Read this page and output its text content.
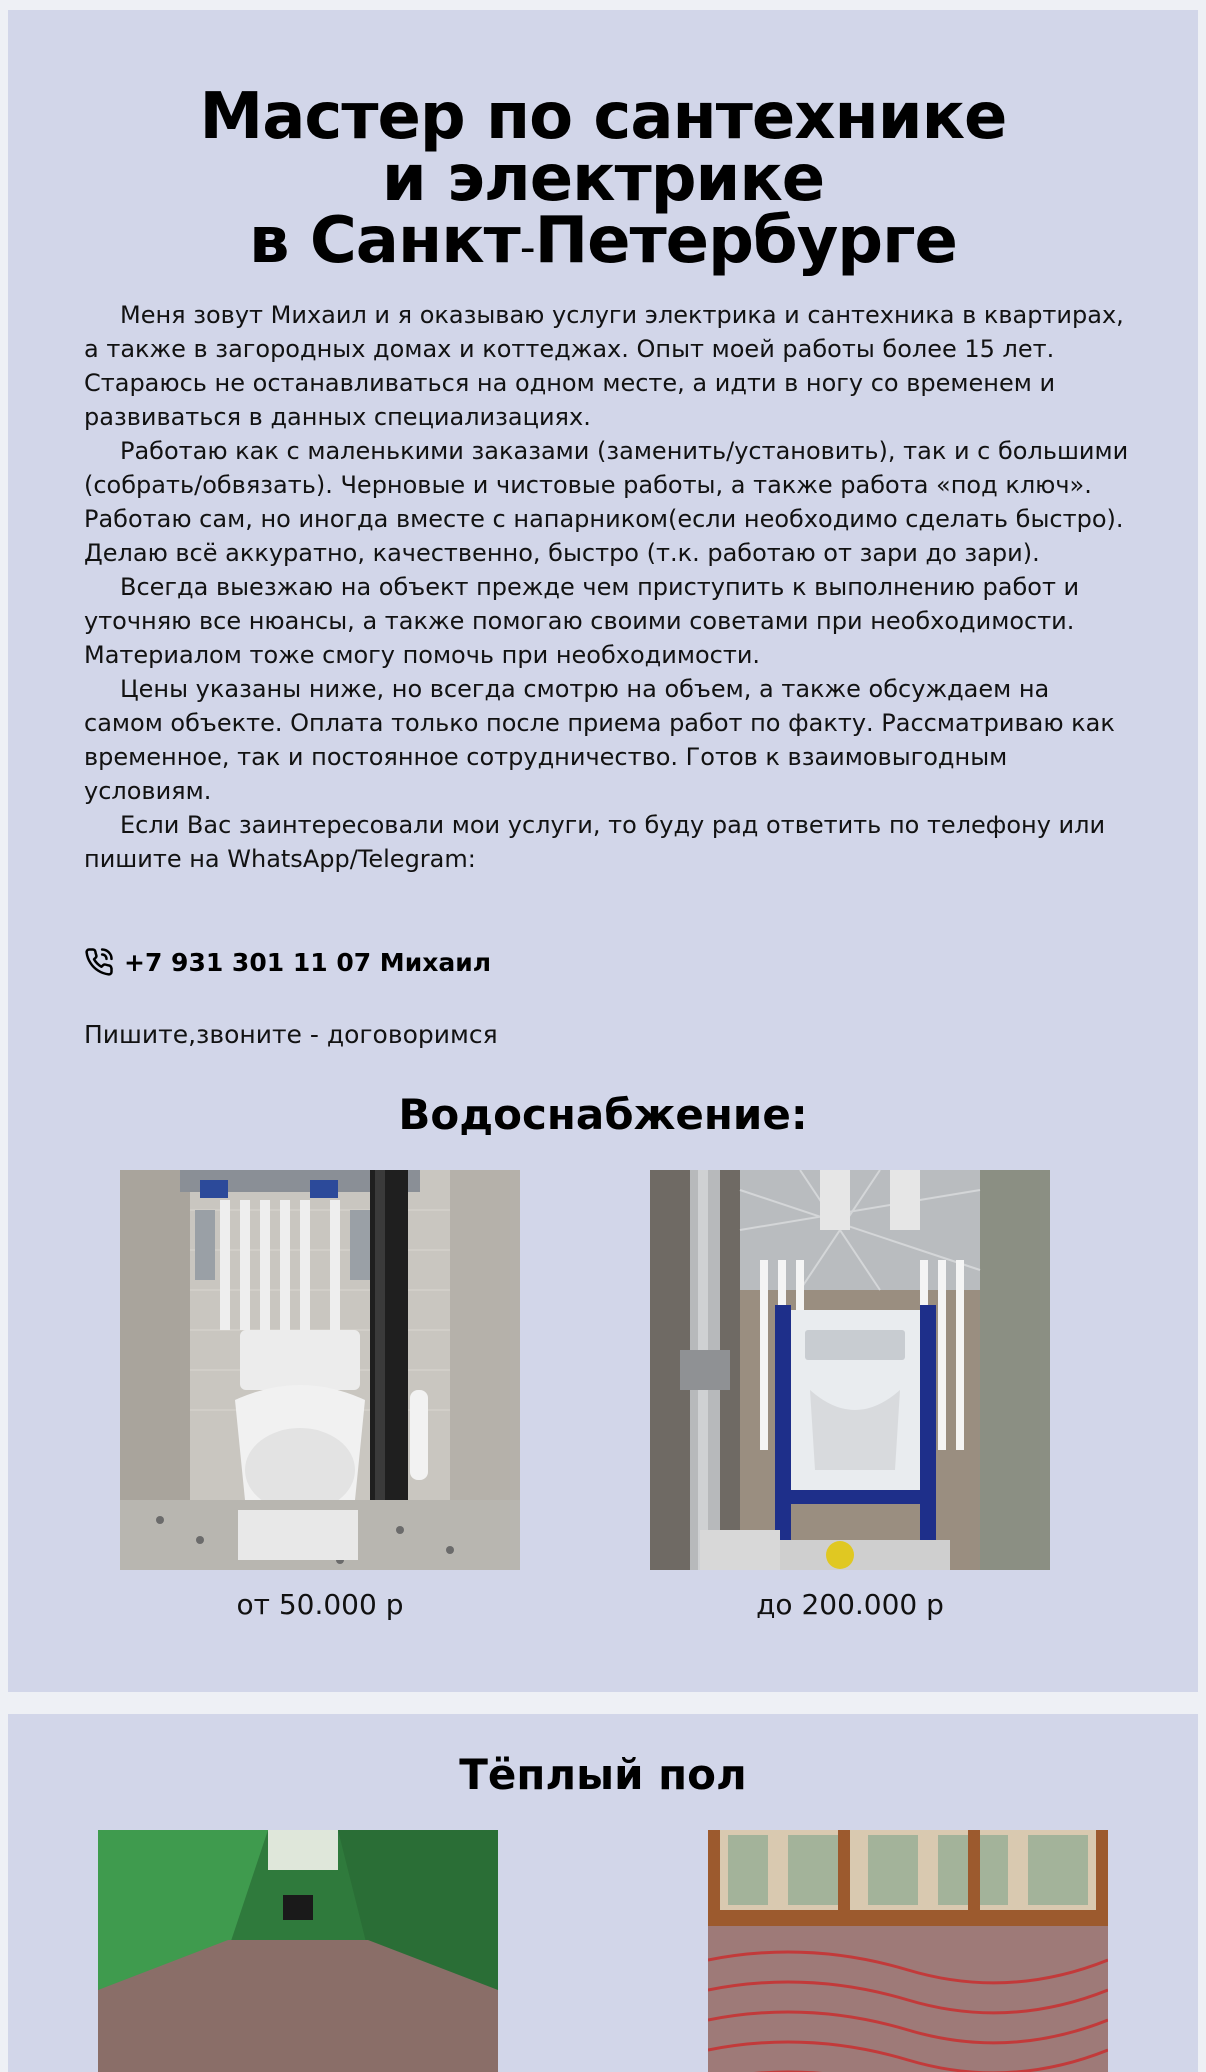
Мастер по сантехнике
и электрике
в Санкт-Петербурге

Меня зовут Михаил и я оказываю услуги электрика и сантехника в квартирах, а также в загородных домах и коттеджах. Опыт моей работы более 15 лет. Стараюсь не останавливаться на одном месте, а идти в ногу со временем и развиваться в данных специализациях.

Работаю как с маленькими заказами (заменить/установить), так и с большими (собрать/обвязать). Черновые и чистовые работы, а также работа «под ключ». Работаю сам, но иногда вместе с напарником(если необходимо сделать быстро). Делаю всё аккуратно, качественно, быстро (т.к. работаю от зари до зари).

Всегда выезжаю на объект прежде чем приступить к выполнению работ и уточняю все нюансы, а также помогаю своими советами при необходимости. Материалом тоже смогу помочь при необходимости.

Цены указаны ниже, но всегда смотрю на объем, а также обсуждаем на самом объекте. Оплата только после приема работ по факту. Рассматриваю как временное, так и постоянное сотрудничество. Готов к взаимовыгодным условиям.

Если Вас заинтересовали мои услуги, то буду рад ответить по телефону или пишите на WhatsApp/Telegram:

+7 931 301 11 07 Михаил
Пишите,звоните - договоримся
Водоснабжение:
от 50.000 р	до 200.000 р
Тёплый пол
